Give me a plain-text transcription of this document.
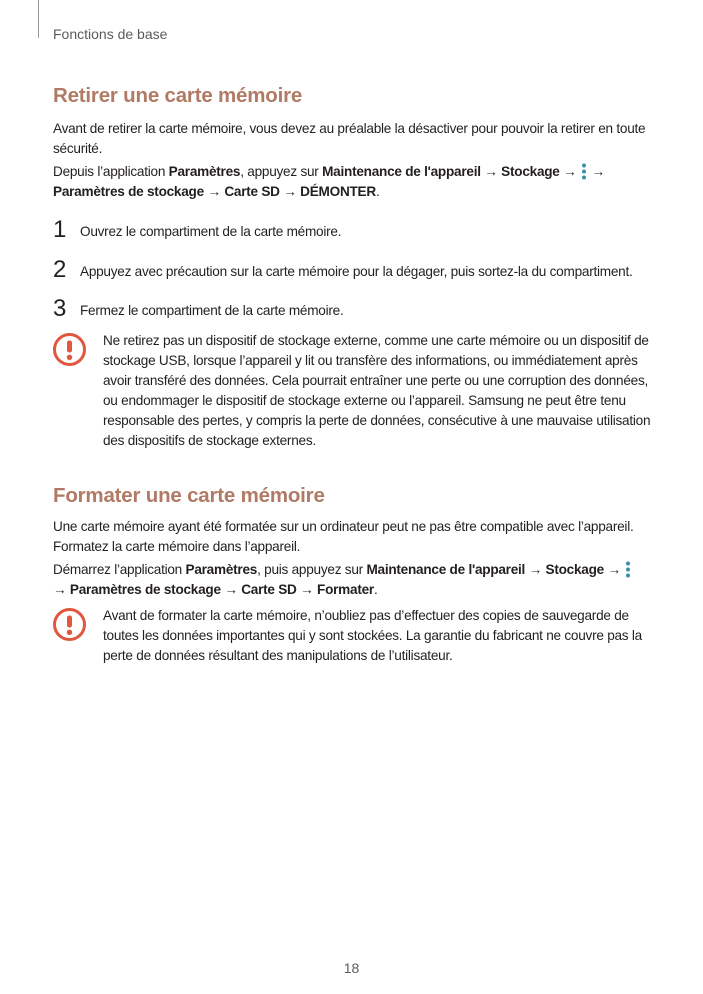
Fonctions de base
Retirer une carte mémoire

Avant de retirer la carte mémoire, vous devez au préalable la désactiver pour pouvoir la retirer en toute sécurité.

Depuis l’application Paramètres, appuyez sur Maintenance de l'appareil → Stockage →
→
Paramètres de stockage → Carte SD → DÉMONTER.

1 Ouvrez le compartiment de la carte mémoire.
2 Appuyez avec précaution sur la carte mémoire pour la dégager, puis sortez-la du compartiment.
3 Fermez le compartiment de la carte mémoire.

Ne retirez pas un dispositif de stockage externe, comme une carte mémoire ou un dispositif de stockage USB, lorsque l’appareil y lit ou transfère des informations, ou immédiatement après avoir transféré des données. Cela pourrait entraîner une perte ou une corruption des données, ou endommager le dispositif de stockage externe ou l’appareil. Samsung ne peut être tenu responsable des pertes, y compris la perte de données, consécutive à une mauvaise utilisation des dispositifs de stockage externes.

Formater une carte mémoire

Une carte mémoire ayant été formatée sur un ordinateur peut ne pas être compatible avec l’appareil. Formatez la carte mémoire dans l’appareil.

Démarrez l’application Paramètres, puis appuyez sur Maintenance de l'appareil → Stockage →

→ Paramètres de stockage → Carte SD → Formater.

Avant de formater la carte mémoire, n’oubliez pas d’effectuer des copies de sauvegarde de toutes les données importantes qui y sont stockées. La garantie du fabricant ne couvre pas la perte de données résultant des manipulations de l’utilisateur.

18
